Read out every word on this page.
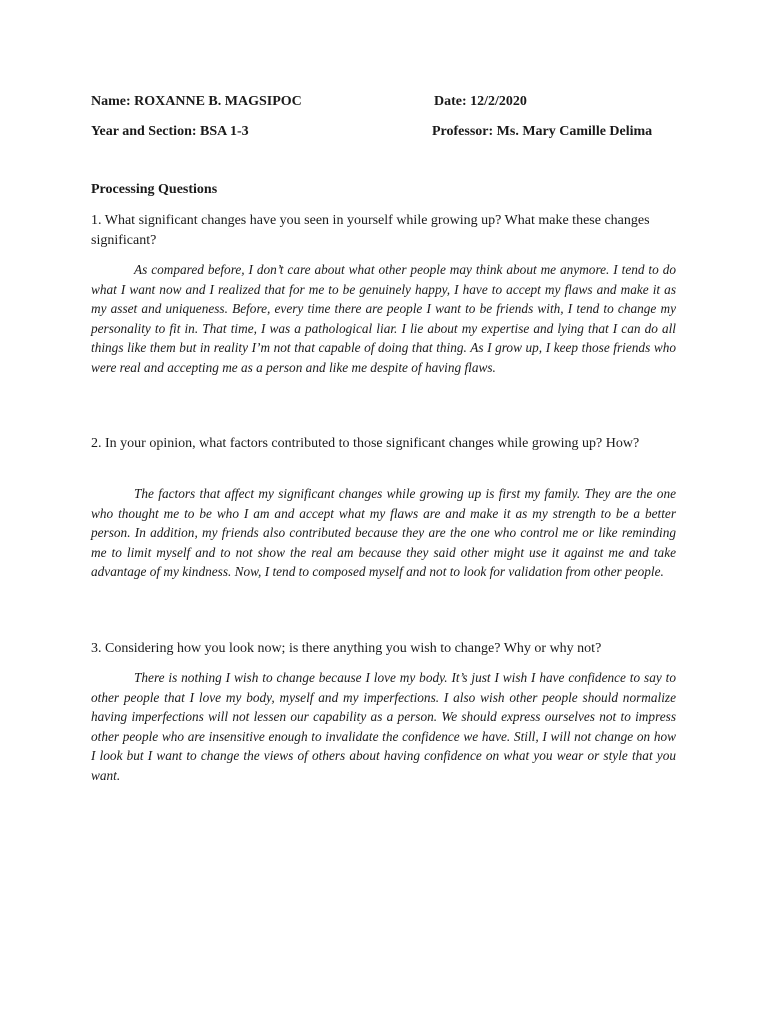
Name: ROXANNE B. MAGSIPOC	Date: 12/2/2020
Year and Section: BSA 1-3	Professor: Ms. Mary Camille Delima
Processing Questions
1. What significant changes have you seen in yourself while growing up? What make these changes significant?
As compared before, I don’t care about what other people may think about me anymore. I tend to do what I want now and I realized that for me to be genuinely happy, I have to accept my flaws and make it as my asset and uniqueness. Before, every time there are people I want to be friends with, I tend to change my personality to fit in. That time, I was a pathological liar. I lie about my expertise and lying that I can do all things like them but in reality I’m not that capable of doing that thing. As I grow up, I keep those friends who were real and accepting me as a person and like me despite of having flaws.
2. In your opinion, what factors contributed to those significant changes while growing up? How?
The factors that affect my significant changes while growing up is first my family. They are the one who thought me to be who I am and accept what my flaws are and make it as my strength to be a better person. In addition, my friends also contributed because they are the one who control me or like reminding me to limit myself and to not show the real am because they said other might use it against me and take advantage of my kindness. Now, I tend to composed myself and not to look for validation from other people.
3. Considering how you look now; is there anything you wish to change? Why or why not?
There is nothing I wish to change because I love my body. It’s just I wish I have confidence to say to other people that I love my body, myself and my imperfections. I also wish other people should normalize having imperfections will not lessen our capability as a person. We should express ourselves not to impress other people who are insensitive enough to invalidate the confidence we have. Still, I will not change on how I look but I want to change the views of others about having confidence on what you wear or style that you want.
